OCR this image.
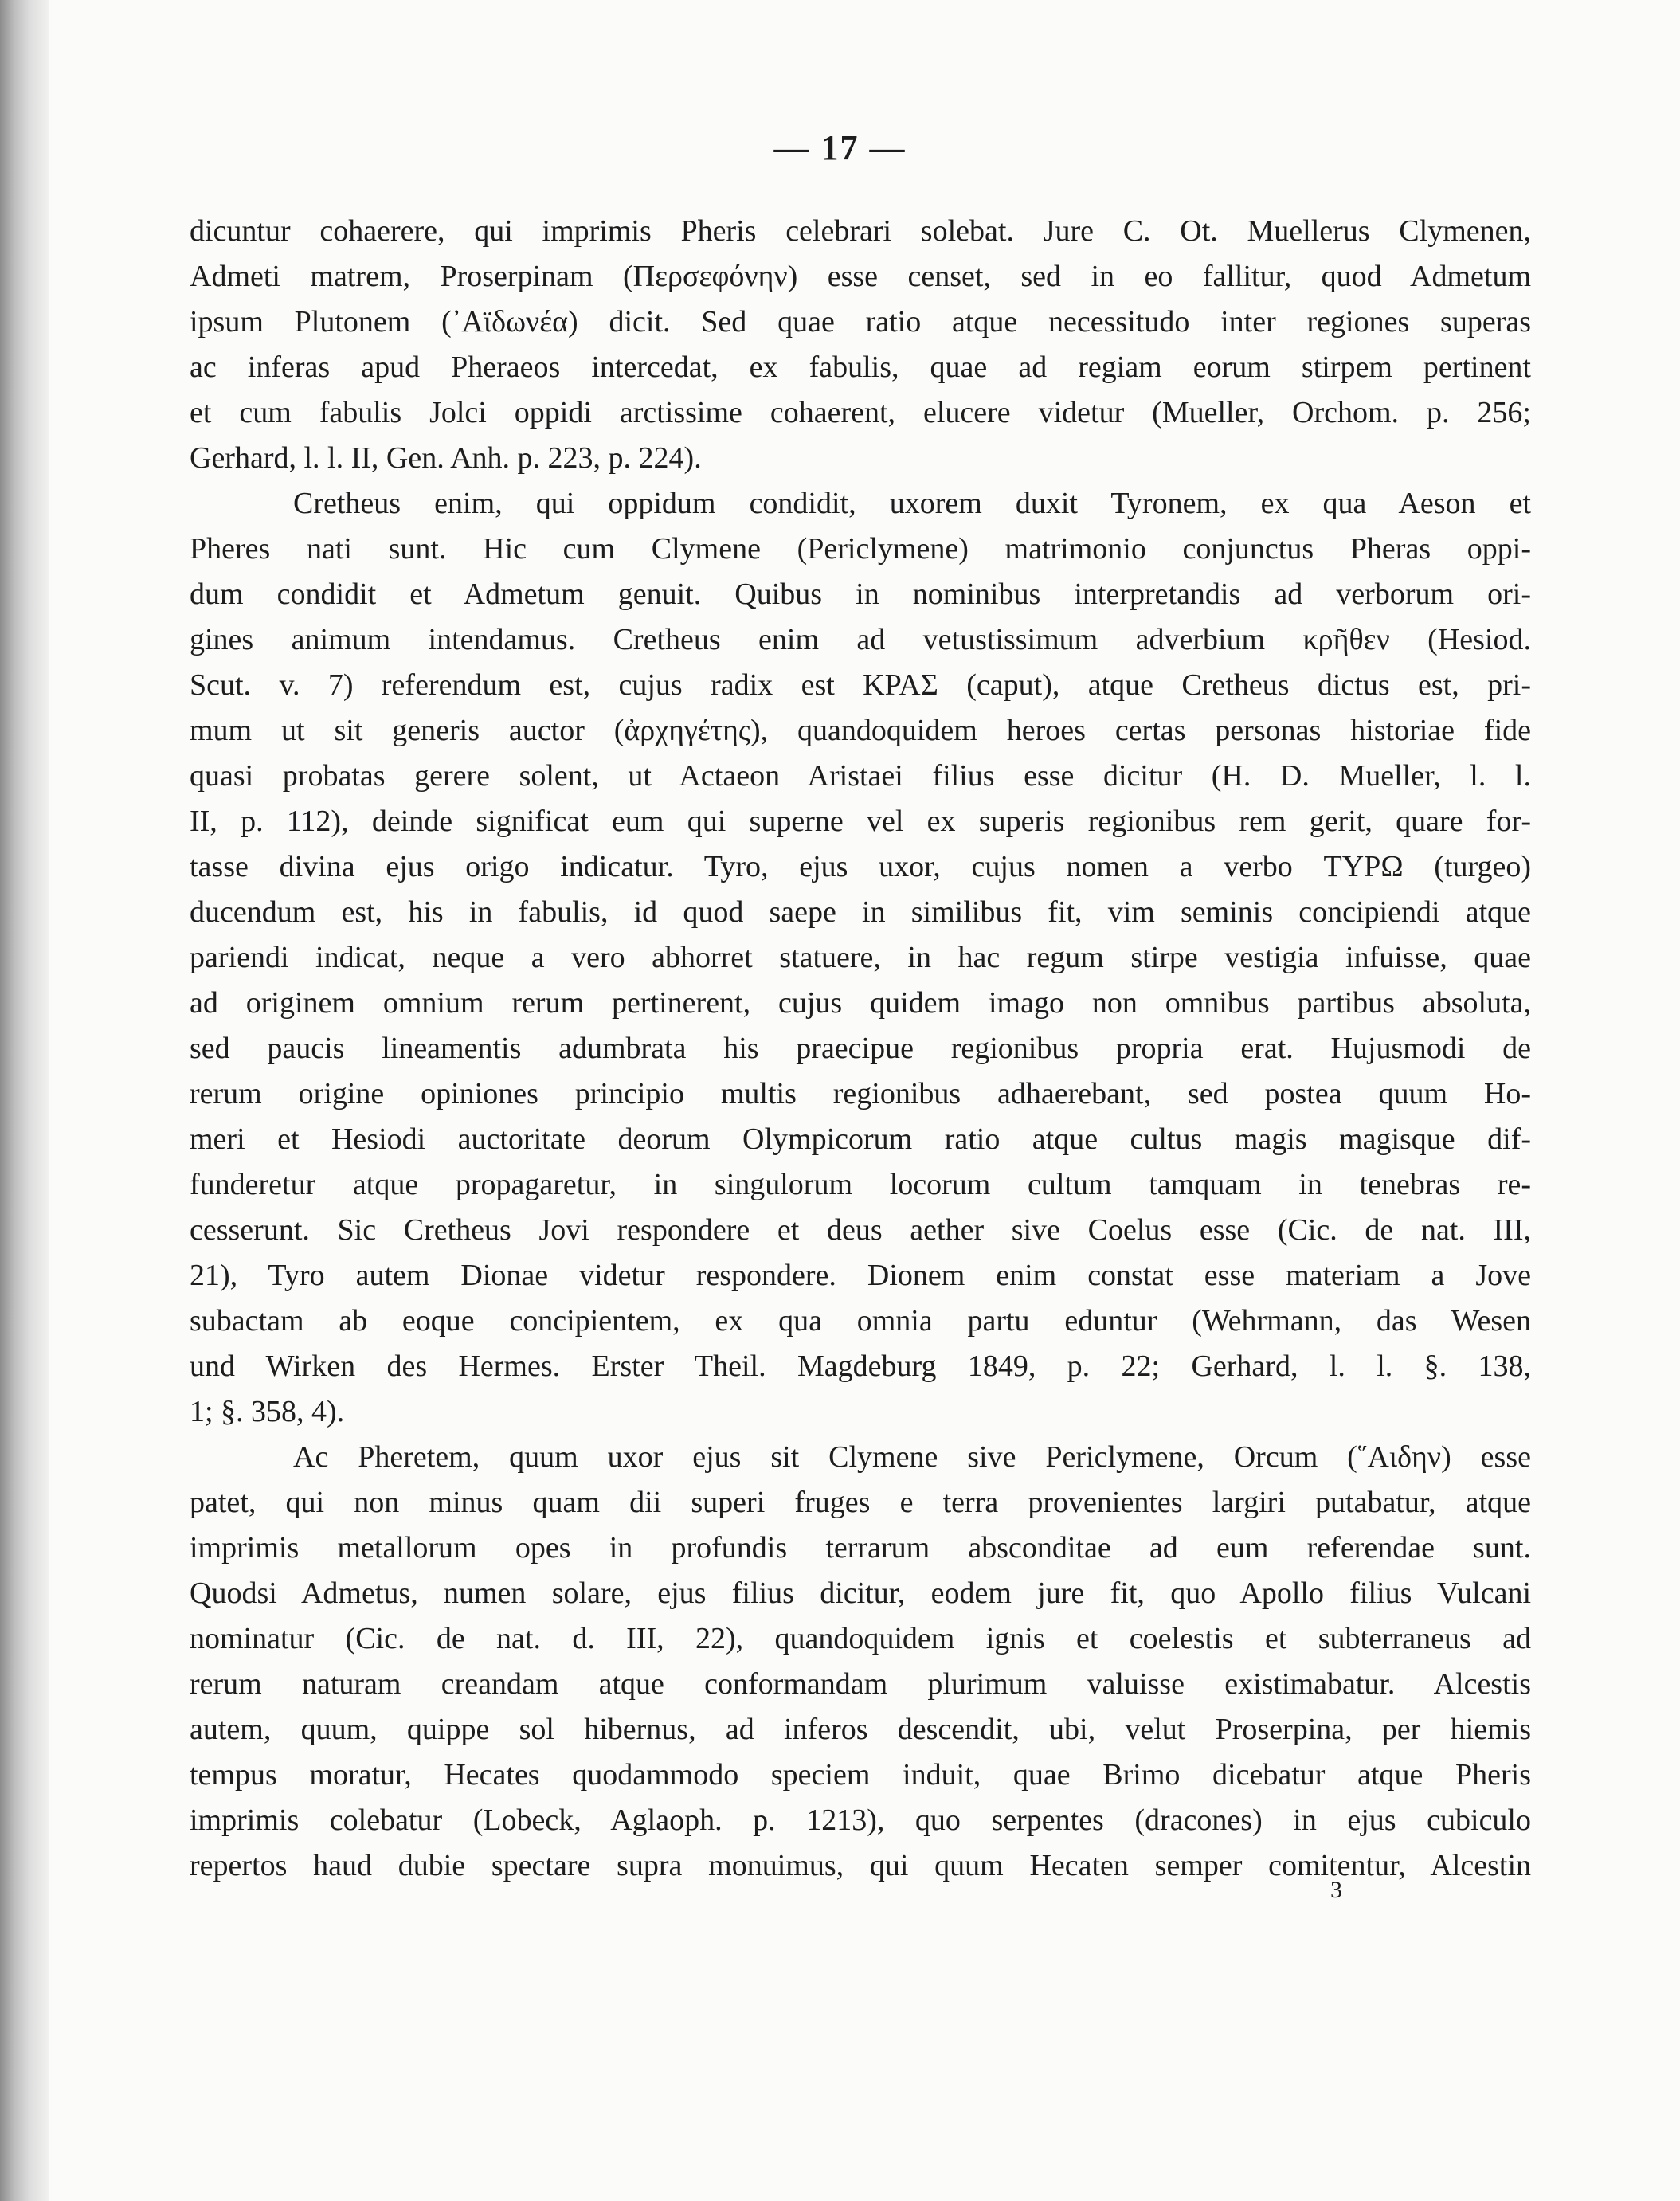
— 17 —
dicuntur cohaerere, qui imprimis Pheris celebrari solebat. Jure C. Ot. Muellerus Clymenen,
Admeti matrem, Proserpinam (Περσεφόνην) esse censet, sed in eo fallitur, quod Admetum
ipsum Plutonem (᾿Αϊδωνέα) dicit. Sed quae ratio atque necessitudo inter regiones superas
ac inferas apud Pheraeos intercedat, ex fabulis, quae ad regiam eorum stirpem pertinent
et cum fabulis Jolci oppidi arctissime cohaerent, elucere videtur (Mueller, Orchom. p. 256;
Gerhard, l. l. II, Gen. Anh. p. 223, p. 224).
Cretheus enim, qui oppidum condidit, uxorem duxit Tyronem, ex qua Aeson et
Pheres nati sunt. Hic cum Clymene (Periclymene) matrimonio conjunctus Pheras oppi-
dum condidit et Admetum genuit. Quibus in nominibus interpretandis ad verborum ori-
gines animum intendamus. Cretheus enim ad vetustissimum adverbium κρῆθεν (Hesiod.
Scut. v. 7) referendum est, cujus radix est ΚΡΑΣ (caput), atque Cretheus dictus est, pri-
mum ut sit generis auctor (ἀρχηγέτης), quandoquidem heroes certas personas historiae fide
quasi probatas gerere solent, ut Actaeon Aristaei filius esse dicitur (H. D. Mueller, l. l.
II, p. 112), deinde significat eum qui superne vel ex superis regionibus rem gerit, quare for-
tasse divina ejus origo indicatur. Tyro, ejus uxor, cujus nomen a verbo ΤΥΡΩ (turgeo)
ducendum est, his in fabulis, id quod saepe in similibus fit, vim seminis concipiendi atque
pariendi indicat, neque a vero abhorret statuere, in hac regum stirpe vestigia infuisse, quae
ad originem omnium rerum pertinerent, cujus quidem imago non omnibus partibus absoluta,
sed paucis lineamentis adumbrata his praecipue regionibus propria erat. Hujusmodi de
rerum origine opiniones principio multis regionibus adhaerebant, sed postea quum Ho-
meri et Hesiodi auctoritate deorum Olympicorum ratio atque cultus magis magisque dif-
funderetur atque propagaretur, in singulorum locorum cultum tamquam in tenebras re-
cesserunt. Sic Cretheus Jovi respondere et deus aether sive Coelus esse (Cic. de nat. III,
21), Tyro autem Dionae videtur respondere. Dionem enim constat esse materiam a Jove
subactam ab eoque concipientem, ex qua omnia partu eduntur (Wehrmann, das Wesen
und Wirken des Hermes. Erster Theil. Magdeburg 1849, p. 22; Gerhard, l. l. §. 138,
1; §. 358, 4).
Ac Pheretem, quum uxor ejus sit Clymene sive Periclymene, Orcum (῞Αιδην) esse
patet, qui non minus quam dii superi fruges e terra provenientes largiri putabatur, atque
imprimis metallorum opes in profundis terrarum absconditae ad eum referendae sunt.
Quodsi Admetus, numen solare, ejus filius dicitur, eodem jure fit, quo Apollo filius Vulcani
nominatur (Cic. de nat. d. III, 22), quandoquidem ignis et coelestis et subterraneus ad
rerum naturam creandam atque conformandam plurimum valuisse existimabatur. Alcestis
autem, quum, quippe sol hibernus, ad inferos descendit, ubi, velut Proserpina, per hiemis
tempus moratur, Hecates quodammodo speciem induit, quae Brimo dicebatur atque Pheris
imprimis colebatur (Lobeck, Aglaoph. p. 1213), quo serpentes (dracones) in ejus cubiculo
repertos haud dubie spectare supra monuimus, qui quum Hecaten semper comitentur, Alcestin
3
